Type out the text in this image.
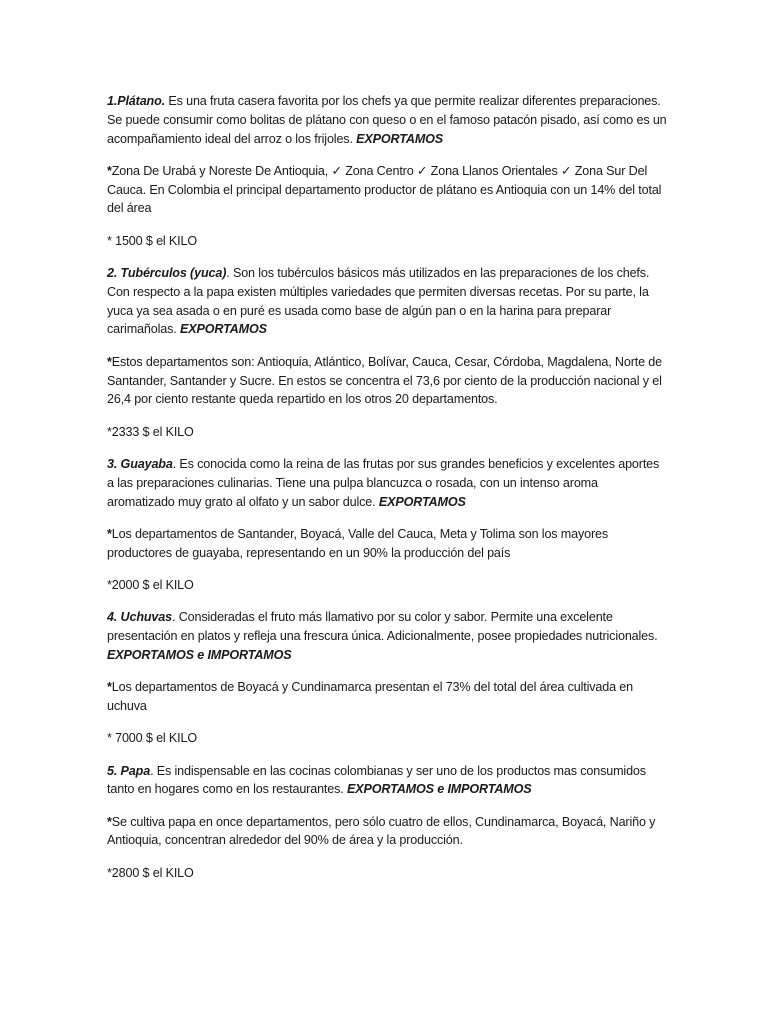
1.Plátano. Es una fruta casera favorita por los chefs ya que permite realizar diferentes preparaciones. Se puede consumir como bolitas de plátano con queso o en el famoso patacón pisado, así como es un acompañamiento ideal del arroz o los frijoles. EXPORTAMOS

*Zona De Urabá y Noreste De Antioquia, ✓ Zona Centro ✓ Zona Llanos Orientales ✓ Zona Sur Del Cauca. En Colombia el principal departamento productor de plátano es Antioquia con un 14% del total del área

* 1500 $ el KILO

2. Tubérculos (yuca). Son los tubérculos básicos más utilizados en las preparaciones de los chefs. Con respecto a la papa existen múltiples variedades que permiten diversas recetas. Por su parte, la yuca ya sea asada o en puré es usada como base de algún pan o en la harina para preparar carimañolas. EXPORTAMOS

*Estos departamentos son: Antioquia, Atlántico, Bolívar, Cauca, Cesar, Córdoba, Magdalena, Norte de Santander, Santander y Sucre. En estos se concentra el 73,6 por ciento de la producción nacional y el 26,4 por ciento restante queda repartido en los otros 20 departamentos.

*2333 $ el KILO

3. Guayaba. Es conocida como la reina de las frutas por sus grandes beneficios y excelentes aportes a las preparaciones culinarias. Tiene una pulpa blancuzca o rosada, con un intenso aroma aromatizado muy grato al olfato y un sabor dulce. EXPORTAMOS

*Los departamentos de Santander, Boyacá, Valle del Cauca, Meta y Tolima son los mayores productores de guayaba, representando en un 90% la producción del país

*2000 $ el KILO

4. Uchuvas. Consideradas el fruto más llamativo por su color y sabor. Permite una excelente presentación en platos y refleja una frescura única. Adicionalmente, posee propiedades nutricionales. EXPORTAMOS e IMPORTAMOS

*Los departamentos de Boyacá y Cundinamarca presentan el 73% del total del área cultivada en uchuva

* 7000 $ el KILO

5. Papa. Es indispensable en las cocinas colombianas y ser uno de los productos mas consumidos tanto en hogares como en los restaurantes. EXPORTAMOS e IMPORTAMOS

*Se cultiva papa en once departamentos, pero sólo cuatro de ellos, Cundinamarca, Boyacá, Nariño y Antioquia, concentran alrededor del 90% de área y la producción.

*2800 $ el KILO
